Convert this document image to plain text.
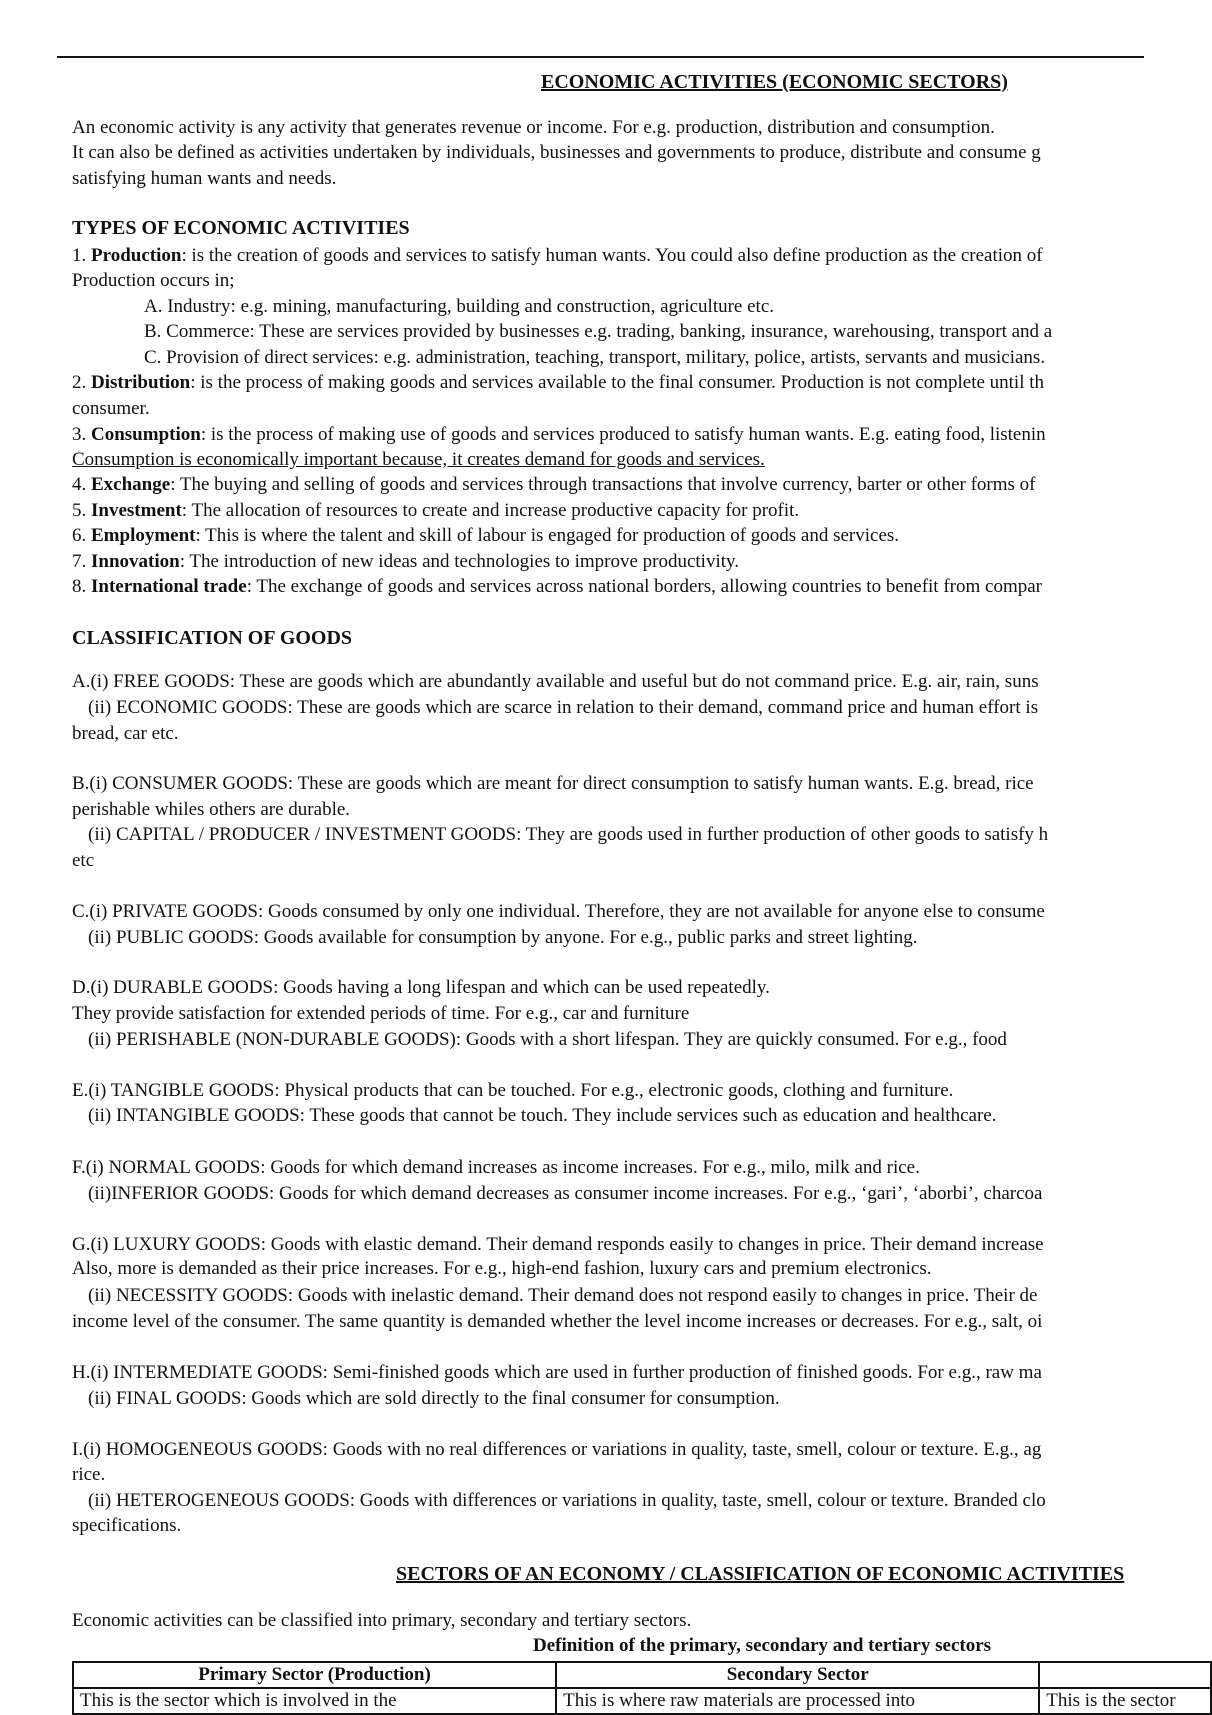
ECONOMIC ACTIVITIES (ECONOMIC SECTORS)
An economic activity is any activity that generates revenue or income. For e.g. production, distribution and consumption.
It can also be defined as activities undertaken by individuals, businesses and governments to produce, distribute and consume g
satisfying human wants and needs.
TYPES OF ECONOMIC ACTIVITIES
1. Production: is the creation of goods and services to satisfy human wants. You could also define production as the creation of
Production occurs in;
A. Industry: e.g. mining, manufacturing, building and construction, agriculture etc.
B. Commerce: These are services provided by businesses e.g. trading, banking, insurance, warehousing, transport and a
C. Provision of direct services: e.g. administration, teaching, transport, military, police, artists, servants and musicians.
2. Distribution: is the process of making goods and services available to the final consumer. Production is not complete until th
consumer.
3. Consumption: is the process of making use of goods and services produced to satisfy human wants. E.g. eating food, listenin
Consumption is economically important because, it creates demand for goods and services.
4. Exchange: The buying and selling of goods and services through transactions that involve currency, barter or other forms of
5. Investment: The allocation of resources to create and increase productive capacity for profit.
6. Employment: This is where the talent and skill of labour is engaged for production of goods and services.
7. Innovation: The introduction of new ideas and technologies to improve productivity.
8. International trade: The exchange of goods and services across national borders, allowing countries to benefit from compar
CLASSIFICATION OF GOODS
A.(i) FREE GOODS: These are goods which are abundantly available and useful but do not command price. E.g. air, rain, suns
(ii) ECONOMIC GOODS: These are goods which are scarce in relation to their demand, command price and human effort is
bread, car etc.
B.(i) CONSUMER GOODS: These are goods which are meant for direct consumption to satisfy human wants. E.g. bread, rice
perishable whiles others are durable.
(ii) CAPITAL / PRODUCER / INVESTMENT GOODS: They are goods used in further production of other goods to satisfy h
etc
C.(i) PRIVATE GOODS: Goods consumed by only one individual. Therefore, they are not available for anyone else to consume
(ii) PUBLIC GOODS: Goods available for consumption by anyone. For e.g., public parks and street lighting.
D.(i) DURABLE GOODS: Goods having a long lifespan and which can be used repeatedly.
They provide satisfaction for extended periods of time. For e.g., car and furniture
(ii) PERISHABLE (NON-DURABLE GOODS): Goods with a short lifespan. They are quickly consumed. For e.g., food
E.(i) TANGIBLE GOODS: Physical products that can be touched. For e.g., electronic goods, clothing and furniture.
(ii) INTANGIBLE GOODS: These goods that cannot be touch. They include services such as education and healthcare.
F.(i) NORMAL GOODS: Goods for which demand increases as income increases. For e.g., milo, milk and rice.
(ii)INFERIOR GOODS: Goods for which demand decreases as consumer income increases. For e.g., ‘gari’, ‘aborbi’, charcoa
G.(i) LUXURY GOODS: Goods with elastic demand. Their demand responds easily to changes in price. Their demand increase
Also, more is demanded as their price increases. For e.g., high-end fashion, luxury cars and premium electronics.
(ii) NECESSITY GOODS: Goods with inelastic demand. Their demand does not respond easily to changes in price. Their de
income level of the consumer. The same quantity is demanded whether the level income increases or decreases. For e.g., salt, oi
H.(i) INTERMEDIATE GOODS: Semi-finished goods which are used in further production of finished goods. For e.g., raw ma
(ii) FINAL GOODS: Goods which are sold directly to the final consumer for consumption.
I.(i) HOMOGENEOUS GOODS: Goods with no real differences or variations in quality, taste, smell, colour or texture. E.g., ag
rice.
(ii) HETEROGENEOUS GOODS: Goods with differences or variations in quality, taste, smell, colour or texture. Branded clo
specifications.
SECTORS OF AN ECONOMY / CLASSIFICATION OF ECONOMIC ACTIVITIES
Economic activities can be classified into primary, secondary and tertiary sectors.
Definition of the primary, secondary and tertiary sectors
Primary Sector (Production)	Secondary Sector	
This is the sector which is involved in the	This is where raw materials are processed into	This is the sector
